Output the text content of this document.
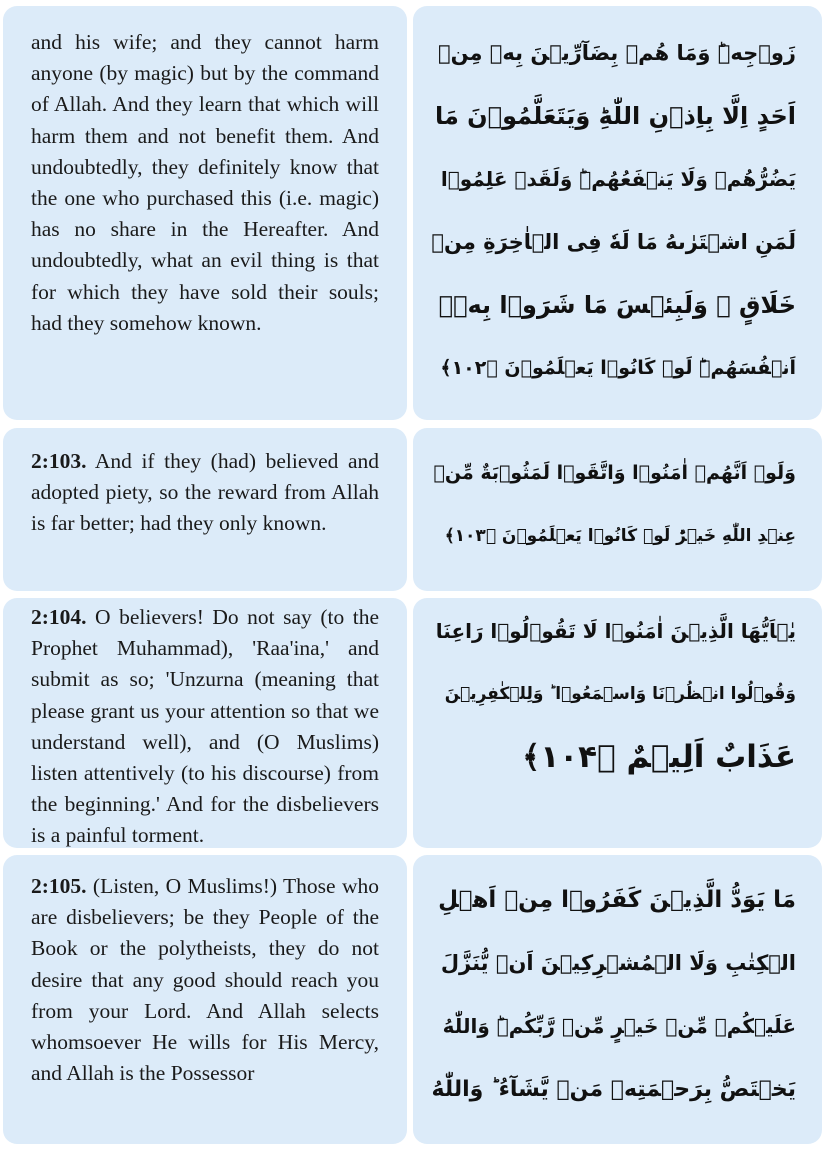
and his wife; and they cannot harm anyone (by magic) but by the command of Allah. And they learn that which will harm them and not benefit them. And undoubtedly, they definitely know that the one who purchased this (i.e. magic) has no share in the Hereafter. And undoubtedly, what an evil thing is that for which they have sold their souls; had they somehow known.
زَوۡجِهٖؕ وَمَا هُمۡ بِضَآرِّيۡنَ بِهٖ مِنۡ
اَحَدٍ اِلَّا بِاِذۡنِ اللّٰهِؕ وَيَتَعَلَّمُوۡنَ مَا
يَضُرُّهُمۡ وَلَا يَنۡفَعُهُمۡؕ وَلَقَدۡ عَلِمُوۡا
لَمَنِ اشۡتَرٰٮهُ مَا لَهٗ فِى الۡاٰخِرَةِ مِنۡ
خَلَاقٍ ۚ وَلَبِئۡسَ مَا شَرَوۡا بِهٖۤ
اَنۡفُسَهُمۡؕ لَوۡ كَانُوۡا يَعۡلَمُوۡنَ ﴿۱۰۲﴾
2:103. And if they (had) believed and adopted piety, so the reward from Allah is far better; had they only known.
وَلَوۡ اَنَّهُمۡ اٰمَنُوۡا وَاتَّقَوۡا لَمَثُوۡبَةٌ مِّنۡ
عِنۡدِ اللّٰهِ خَيۡرٌؕ لَوۡ كَانُوۡا يَعۡلَمُوۡنَ ﴿۱۰۳﴾
2:104. O believers! Do not say (to the Prophet Muhammad), 'Raa'ina,' and submit as so; 'Unzurna (meaning that please grant us your attention so that we understand well), and (O Muslims) listen attentively (to his discourse) from the beginning.' And for the disbelievers is a painful torment.
يٰۤاَيُّهَا الَّذِيۡنَ اٰمَنُوۡا لَا تَقُوۡلُوۡا رَاعِنَا
وَقُوۡلُوا انۡظُرۡنَا وَاسۡمَعُوۡا ؕ وَلِلۡكٰفِرِيۡنَ
عَذَابٌ اَلِيۡمٌ ﴿۱۰۴﴾
2:105. (Listen, O Muslims!) Those who are disbelievers; be they People of the Book or the polytheists, they do not desire that any good should reach you from your Lord. And Allah selects whomsoever He wills for His Mercy, and Allah is the Possessor
مَا يَوَدُّ الَّذِيۡنَ كَفَرُوۡا مِنۡ اَهۡلِ
الۡكِتٰبِ وَلَا الۡمُشۡرِكِيۡنَ اَنۡ يُّنَزَّلَ
عَلَيۡكُمۡ مِّنۡ خَيۡرٍ مِّنۡ رَّبِّكُمۡؕ وَاللّٰهُ
يَخۡتَصُّ بِرَحۡمَتِهٖ مَنۡ يَّشَآءُ ؕ وَاللّٰهُ
